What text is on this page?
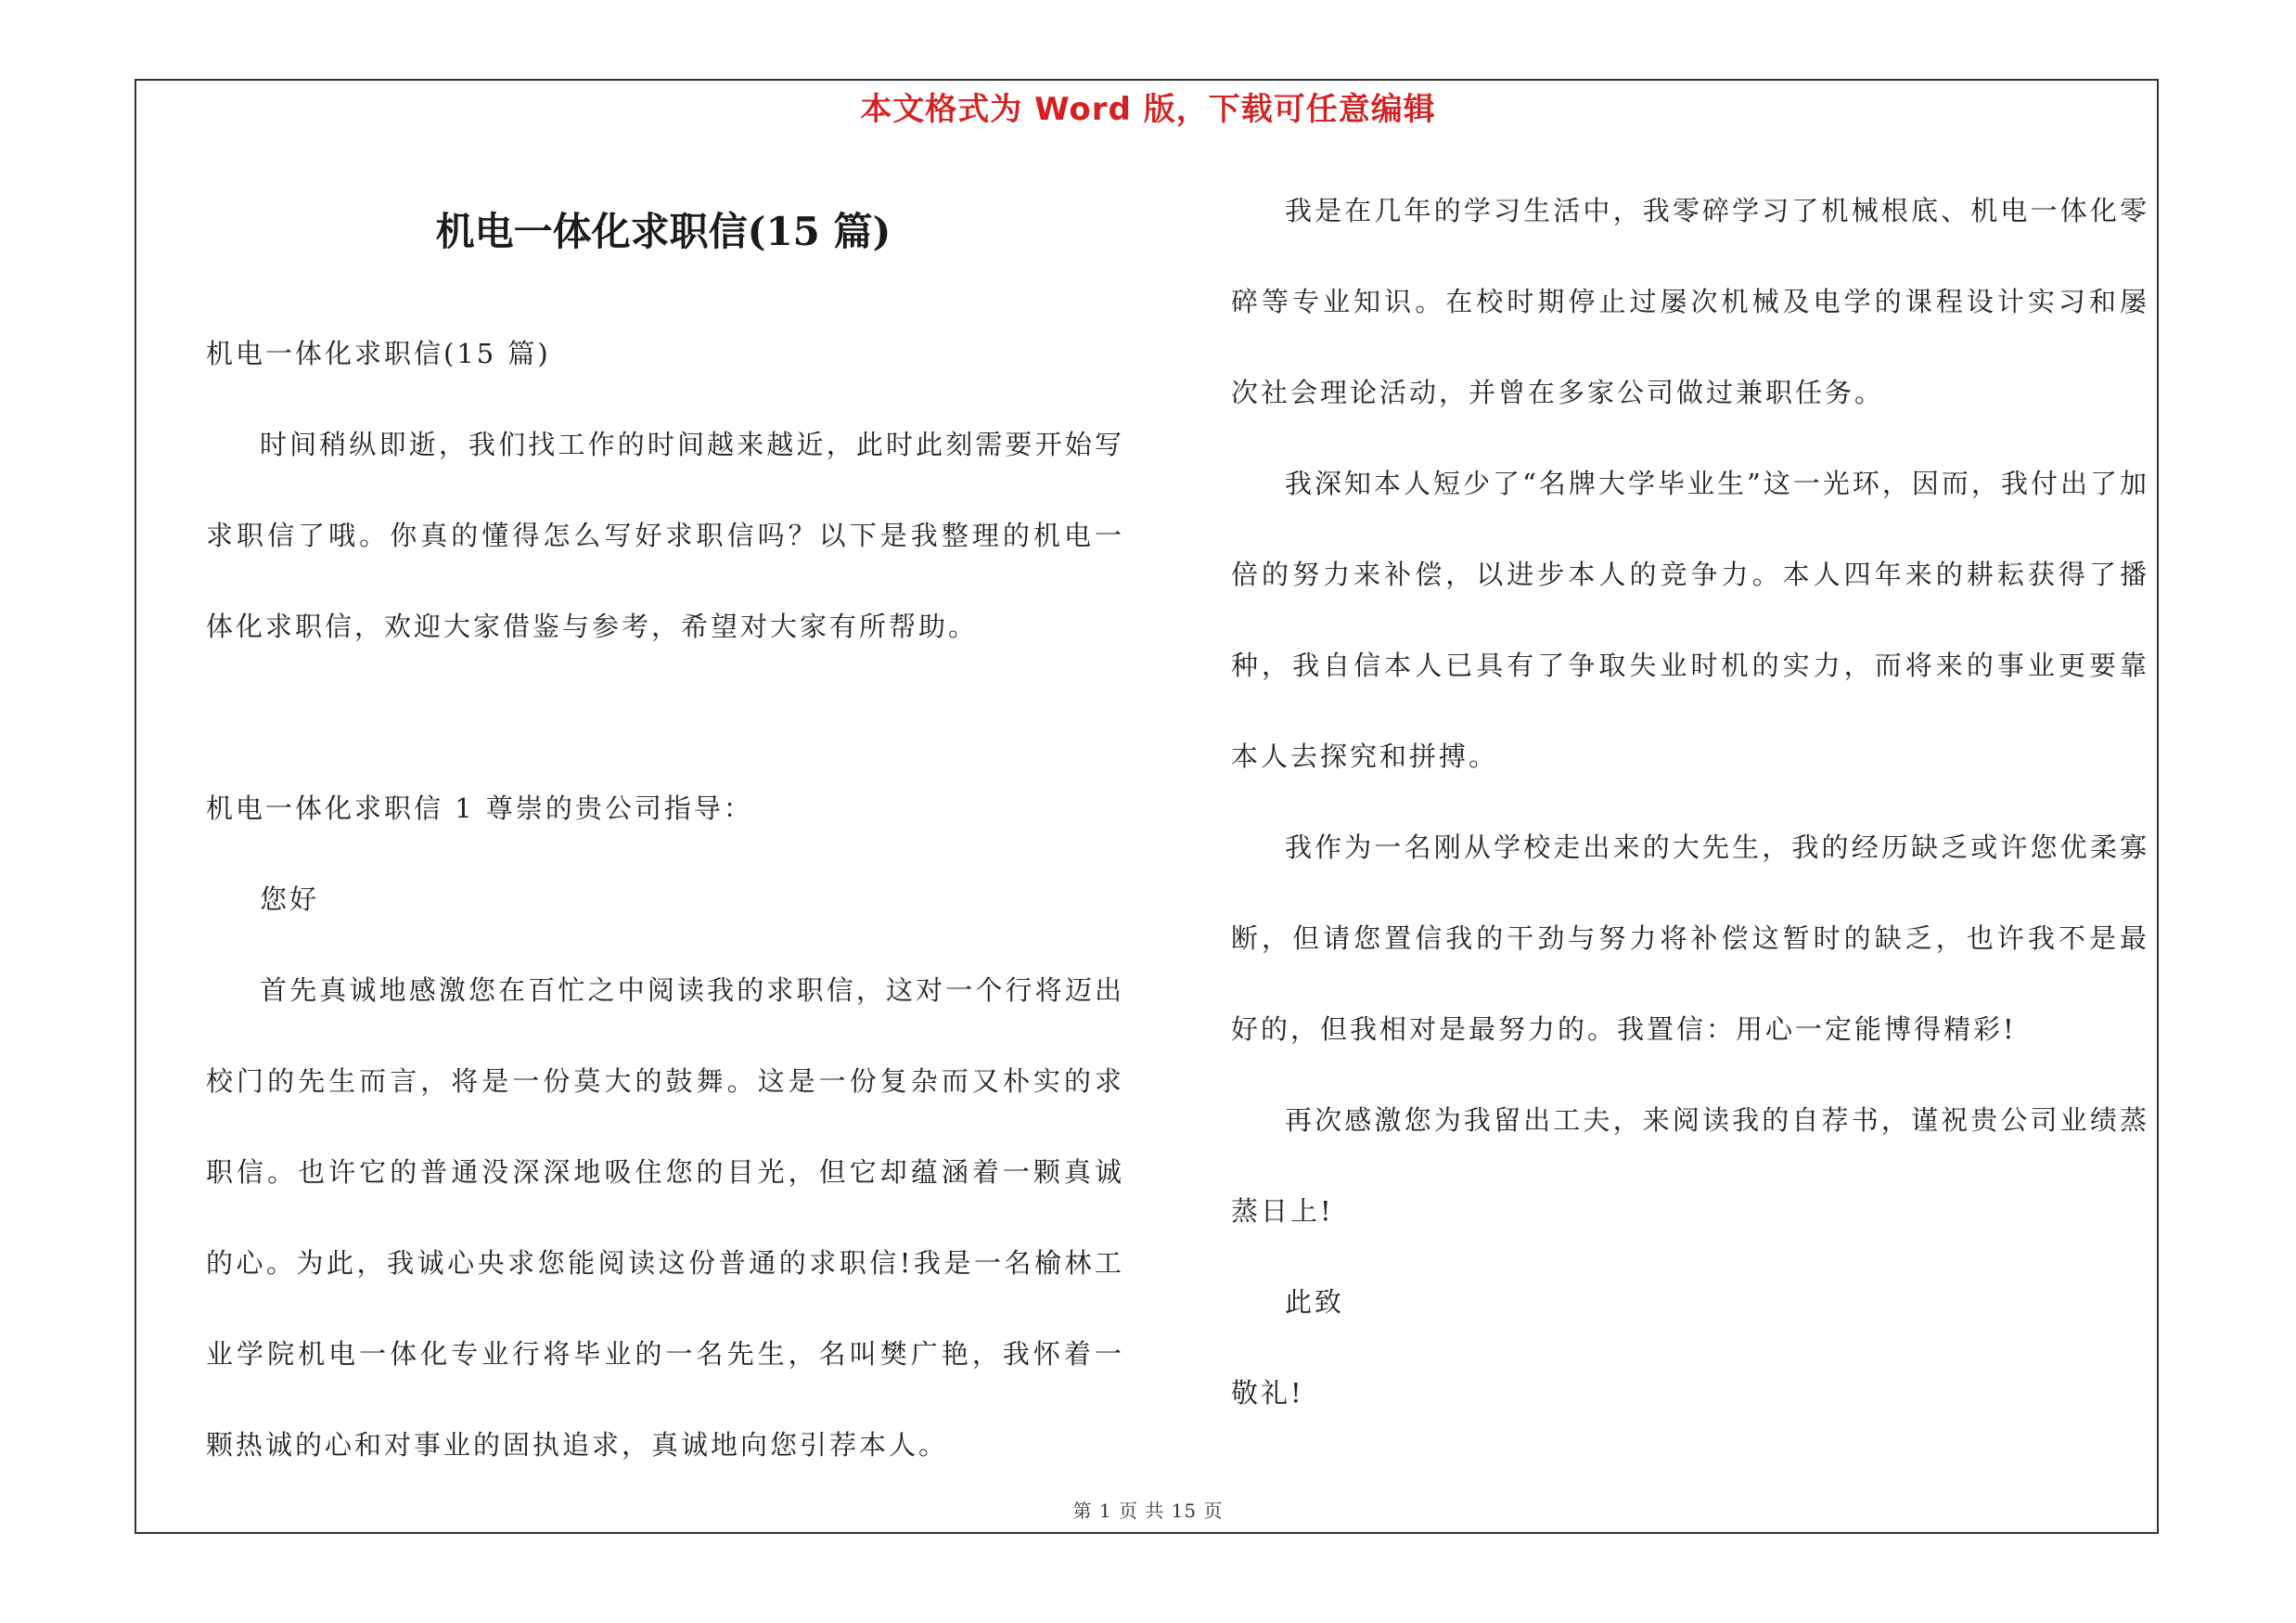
本文格式为 Word 版，下载可任意编辑
机电一体化求职信(15 篇)

机电一体化求职信(15 篇)

时间稍纵即逝，我们找工作的时间越来越近，此时此刻需要开始写求职信了哦。你真的懂得怎么写好求职信吗？以下是我整理的机电一体化求职信，欢迎大家借鉴与参考，希望对大家有所帮助。

机电一体化求职信 1 尊崇的贵公司指导：

您好

首先真诚地感激您在百忙之中阅读我的求职信，这对一个行将迈出校门的先生而言，将是一份莫大的鼓舞。这是一份复杂而又朴实的求职信。也许它的普通没深深地吸住您的目光，但它却蕴涵着一颗真诚的心。为此，我诚心央求您能阅读这份普通的求职信!我是一名榆林工业学院机电一体化专业行将毕业的一名先生，名叫樊广艳，我怀着一颗热诚的心和对事业的固执追求，真诚地向您引荐本人。

我是在几年的学习生活中，我零碎学习了机械根底、机电一体化零碎等专业知识。在校时期停止过屡次机械及电学的课程设计实习和屡次社会理论活动，并曾在多家公司做过兼职任务。

我深知本人短少了“名牌大学毕业生”这一光环，因而，我付出了加倍的努力来补偿，以进步本人的竞争力。本人四年来的耕耘获得了播种，我自信本人已具有了争取失业时机的实力，而将来的事业更要靠本人去探究和拼搏。

我作为一名刚从学校走出来的大先生，我的经历缺乏或许您优柔寡断，但请您置信我的干劲与努力将补偿这暂时的缺乏，也许我不是最好的，但我相对是最努力的。我置信：用心一定能博得精彩!

再次感激您为我留出工夫，来阅读我的自荐书，谨祝贵公司业绩蒸蒸日上!

此致

敬礼!

第 1 页 共 15 页
